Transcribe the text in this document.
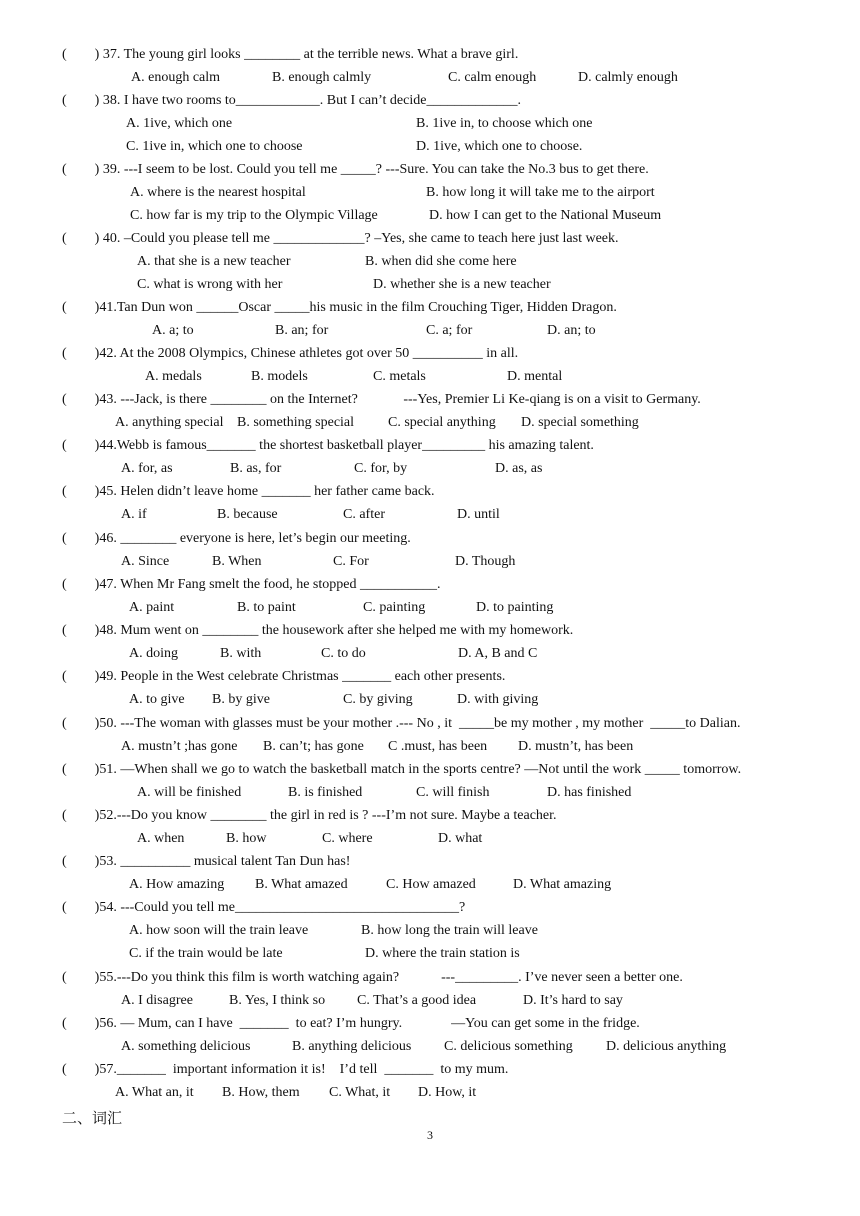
(        ) 37. The young girl looks ________ at the terrible news. What a brave girl.

A. enough calm

	B. enough calmly

	C. calm enough

	D. calmly enough

(        ) 38. I have two rooms to____________. But I can’t decide_____________.

A. 1ive, which one

	B. 1ive in, to choose which one

C. 1ive in, which one to choose

	D. 1ive, which one to choose.

(        ) 39. ---I seem to be lost. Could you tell me _____? ---Sure. You can take the No.3 bus to get there.

A. where is the nearest hospital

	B. how long it will take me to the airport

C. how far is my trip to the Olympic Village

	D. how I can get to the National Museum

(        ) 40. –Could you please tell me _____________? –Yes, she came to teach here just last week.

A. that she is a new teacher

	B. when did she come here

C. what is wrong with her

	D. whether she is a new teacher

(        )41.Tan Dun won ______Oscar _____his music in the film Crouching Tiger, Hidden Dragon.

A. a; to

	B. an; for

	C. a; for

	D. an; to

(        )42. At the 2008 Olympics, Chinese athletes got over 50 __________ in all.

A. medals

	B. models

	C. metals

	D. mental

(        )43. ---Jack, is there ________ on the Internet?             ---Yes, Premier Li Ke-qiang is on a visit to Germany.

A. anything special

B. something special

C. special anything

D. special something

(        )44.Webb is famous_______ the shortest basketball player_________ his amazing talent.

A. for, as

	B. as, for

	C. for, by

	D. as, as

(        )45. Helen didn’t leave home _______ her father came back.

A. if

	B. because

	C. after

	D. until

(        )46. ________ everyone is here, let’s begin our meeting.

A. Since

	B. When

	C. For

	D. Though

(        )47. When Mr Fang smelt the food, he stopped ___________.

A. paint

	B. to paint

	C. painting

	D. to painting

(        )48. Mum went on ________ the housework after she helped me with my homework.

A. doing

	B. with

	C. to do

	D. A, B and C

(        )49. People in the West celebrate Christmas _______ each other presents.

A. to give

B. by give

	C. by giving

	D. with giving

(        )50. ---The woman with glasses must be your mother .--- No , it  _____be my mother , my mother  _____to Dalian.

A. mustn’t ;has gone

B. can’t; has gone

C .must, has been

D. mustn’t, has been

(        )51. —When shall we go to watch the basketball match in the sports centre? —Not until the work _____ tomorrow.

A. will be finished

	B. is finished

	C. will finish

	D. has finished

(        )52.---Do you know ________ the girl in red is ? ---I’m not sure. Maybe a teacher.

A. when

	B. how

	C. where

	D. what

(        )53. __________ musical talent Tan Dun has!

A. How amazing

B. What amazed

	C. How amazed

	D. What amazing

(        )54. ---Could you tell me________________________________?

A. how soon will the train leave

	B. how long the train will leave

C. if the train would be late

	D. where the train station is

(        )55.---Do you think this film is worth watching again?            ---_________. I’ve never seen a better one.

A. I disagree

	B. Yes, I think so

C. That’s a good idea

	D. It’s hard to say

(        )56. — Mum, can I have  _______  to eat? I’m hungry.              —You can get some in the fridge.

A. something delicious

	B. anything delicious

C. delicious something

D. delicious anything

(        )57._______  important information it is!    I’d tell  _______  to my mum.

A. What an, it

B. How, them

C. What, it

D. How, it

二、词汇
3
